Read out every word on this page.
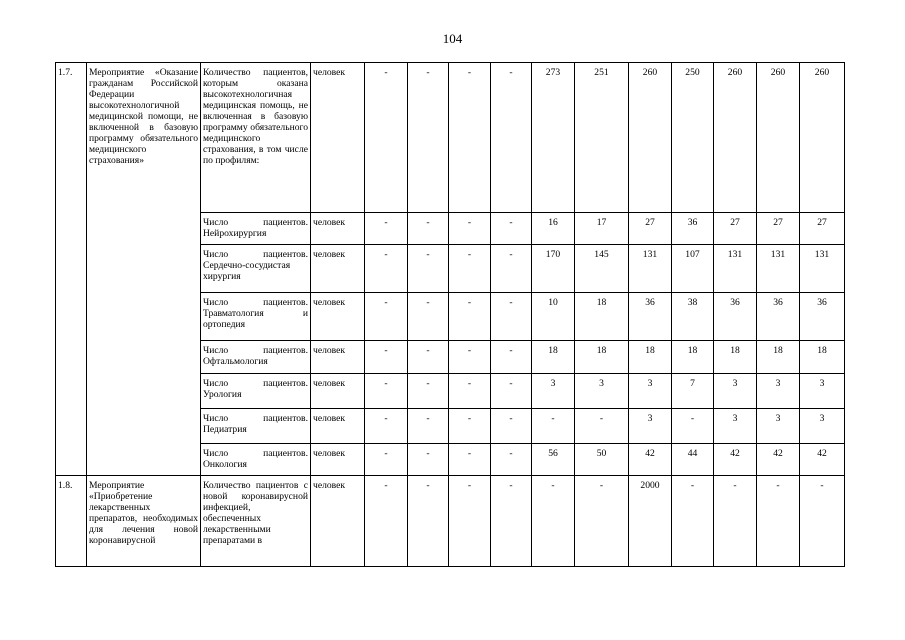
104
1.7.	Мероприятие «Оказание гражданам Российской Федерации высокотехнологичной медицинской помощи, не включенной в базовую программу обязательного медицинского страхования»	Количество пациентов, которым оказана высокотехнологичная медицинская помощь, не включенная в базовую программу обязательного медицинского страхования, в том числе по профилям:	человек	-	-	-	-	273	251	260	250	260	260	260
		Число пациентов. Нейрохирургия	человек	-	-	-	-	16	17	27	36	27	27	27
		Число пациентов. Сердечно-сосудистая хирургия	человек	-	-	-	-	170	145	131	107	131	131	131
		Число пациентов. Травматология и ортопедия	человек	-	-	-	-	10	18	36	38	36	36	36
		Число пациентов. Офтальмология	человек	-	-	-	-	18	18	18	18	18	18	18
		Число пациентов. Урология	человек	-	-	-	-	3	3	3	7	3	3	3
		Число пациентов. Педиатрия	человек	-	-	-	-	-	-	3	-	3	3	3
		Число пациентов. Онкология	человек	-	-	-	-	56	50	42	44	42	42	42
1.8.	Мероприятие «Приобретение лекарственных препаратов, необходимых для лечения новой коронавирусной	Количество пациентов с новой коронавирусной инфекцией, обеспеченных лекарственными препаратами в	человек	-	-	-	-	-	-	2000	-	-	-	-
